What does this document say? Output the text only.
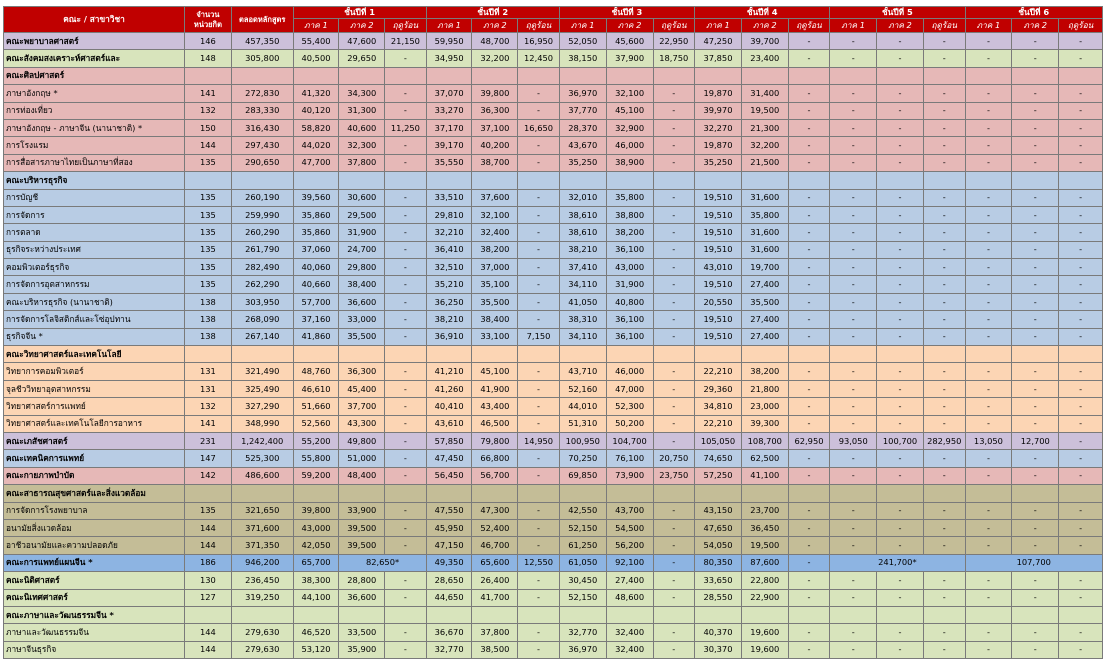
คณะ / สาขาวิชา	จำนวนหน่วยกิต	ตลอดหลักสูตร	ชั้นปีที่ 1			ชั้นปีที่ 2			ชั้นปีที่ 3			ชั้นปีที่ 4			ชั้นปีที่ 5			ชั้นปีที่ 6		
			ภาค 1	ภาค 2	ฤดูร้อน	ภาค 1	ภาค 2	ฤดูร้อน	ภาค 1	ภาค 2	ฤดูร้อน	ภาค 1	ภาค 2	ฤดูร้อน	ภาค 1	ภาค 2	ฤดูร้อน	ภาค 1	ภาค 2	ฤดูร้อน
คณะพยาบาลศาสตร์	146	457,350	55,400	47,600	21,150	59,950	48,700	16,950	52,050	45,600	22,950	47,250	39,700	-	-	-	-	-	-	-
คณะสังคมสงเคราะห์ศาสตร์และ	148	305,800	40,500	29,650	-	34,950	32,200	12,450	38,150	37,900	18,750	37,850	23,400	-	-	-	-	-	-	-
คณะศิลปศาสตร์																				
ภาษาอังกฤษ *	141	272,830	41,320	34,300	-	37,070	39,800	-	36,970	32,100	-	19,870	31,400	-	-	-	-	-	-	-
การท่องเที่ยว	132	283,330	40,120	31,300	-	33,270	36,300	-	37,770	45,100	-	39,970	19,500	-	-	-	-	-	-	-
ภาษาอังกฤษ - ภาษาจีน (นานาชาติ) *	150	316,430	58,820	40,600	11,250	37,170	37,100	16,650	28,370	32,900	-	32,270	21,300	-	-	-	-	-	-	-
การโรงแรม	144	297,430	44,020	32,300	-	39,170	40,200	-	43,670	46,000	-	19,870	32,200	-	-	-	-	-	-	-
การสื่อสารภาษาไทยเป็นภาษาที่สอง	135	290,650	47,700	37,800	-	35,550	38,700	-	35,250	38,900	-	35,250	21,500	-	-	-	-	-	-	-
คณะบริหารธุรกิจ																				
การบัญชี	135	260,190	39,560	30,600	-	33,510	37,600	-	32,010	35,800	-	19,510	31,600	-	-	-	-	-	-	-
การจัดการ	135	259,990	35,860	29,500	-	29,810	32,100	-	38,610	38,800	-	19,510	35,800	-	-	-	-	-	-	-
การตลาด	135	260,290	35,860	31,900	-	32,210	32,400	-	38,610	38,200	-	19,510	31,600	-	-	-	-	-	-	-
ธุรกิจระหว่างประเทศ	135	261,790	37,060	24,700	-	36,410	38,200	-	38,210	36,100	-	19,510	31,600	-	-	-	-	-	-	-
คอมพิวเตอร์ธุรกิจ	135	282,490	40,060	29,800	-	32,510	37,000	-	37,410	43,000	-	43,010	19,700	-	-	-	-	-	-	-
การจัดการอุตสาหกรรม	135	262,290	40,660	38,400	-	35,210	35,100	-	34,110	31,900	-	19,510	27,400	-	-	-	-	-	-	-
คณะบริหารธุรกิจ (นานาชาติ)	138	303,950	57,700	36,600	-	36,250	35,500	-	41,050	40,800	-	20,550	35,500	-	-	-	-	-	-	-
การจัดการโลจิสติกส์และโซ่อุปทาน	138	268,090	37,160	33,000	-	38,210	38,400	-	38,310	36,100	-	19,510	27,400	-	-	-	-	-	-	-
ธุรกิจจีน *	138	267,140	41,860	35,500	-	36,910	33,100	7,150	34,110	36,100	-	19,510	27,400	-	-	-	-	-	-	-
คณะวิทยาศาสตร์และเทคโนโลยี																				
วิทยาการคอมพิวเตอร์	131	321,490	48,760	36,300	-	41,210	45,100	-	43,710	46,000	-	22,210	38,200	-	-	-	-	-	-	-
จุลชีววิทยาอุตสาหกรรม	131	325,490	46,610	45,400	-	41,260	41,900	-	52,160	47,000	-	29,360	21,800	-	-	-	-	-	-	-
วิทยาศาสตร์การแพทย์	132	327,290	51,660	37,700	-	40,410	43,400	-	44,010	52,300	-	34,810	23,000	-	-	-	-	-	-	-
วิทยาศาสตร์และเทคโนโลยีการอาหาร	141	348,990	52,560	43,300	-	43,610	46,500	-	51,310	50,200	-	22,210	39,300	-	-	-	-	-	-	-
คณะเภสัชศาสตร์	231	1,242,400	55,200	49,800	-	57,850	79,800	14,950	100,950	104,700	-	105,050	108,700	62,950	93,050	100,700	282,950	13,050	12,700	-
คณะเทคนิคการแพทย์	147	525,300	55,800	51,000	-	47,450	66,800	-	70,250	76,100	20,750	74,650	62,500	-	-	-	-	-	-	-
คณะกายภาพบำบัด	142	486,600	59,200	48,400	-	56,450	56,700	-	69,850	73,900	23,750	57,250	41,100	-	-	-	-	-	-	-
คณะสาธารณสุขศาสตร์และสิ่งแวดล้อม																				
การจัดการโรงพยาบาล	135	321,650	39,800	33,900	-	47,550	47,300	-	42,550	43,700	-	43,150	23,700	-	-	-	-	-	-	-
อนามัยสิ่งแวดล้อม	144	371,600	43,000	39,500	-	45,950	52,400	-	52,150	54,500	-	47,650	36,450	-	-	-	-	-	-	-
อาชีวอนามัยและความปลอดภัย	144	371,350	42,050	39,500	-	47,150	46,700	-	61,250	56,200	-	54,050	19,500	-	-	-	-	-	-	-
คณะการแพทย์แผนจีน *	186	946,200	65,700	82,650*		49,350	65,600	12,550	61,050	92,100	-	80,350	87,600	-	241,700*			107,700		
คณะนิติศาสตร์	130	236,450	38,300	28,800	-	28,650	26,400	-	30,450	27,400	-	33,650	22,800	-	-	-	-	-	-	-
คณะนิเทศศาสตร์	127	319,250	44,100	36,600	-	44,650	41,700	-	52,150	48,600	-	28,550	22,900	-	-	-	-	-	-	-
คณะภาษาและวัฒนธรรมจีน *																				
ภาษาและวัฒนธรรมจีน	144	279,630	46,520	33,500	-	36,670	37,800	-	32,770	32,400	-	40,370	19,600	-	-	-	-	-	-	-
ภาษาจีนธุรกิจ	144	279,630	53,120	35,900	-	32,770	38,500	-	36,970	32,400	-	30,370	19,600	-	-	-	-	-	-	-
